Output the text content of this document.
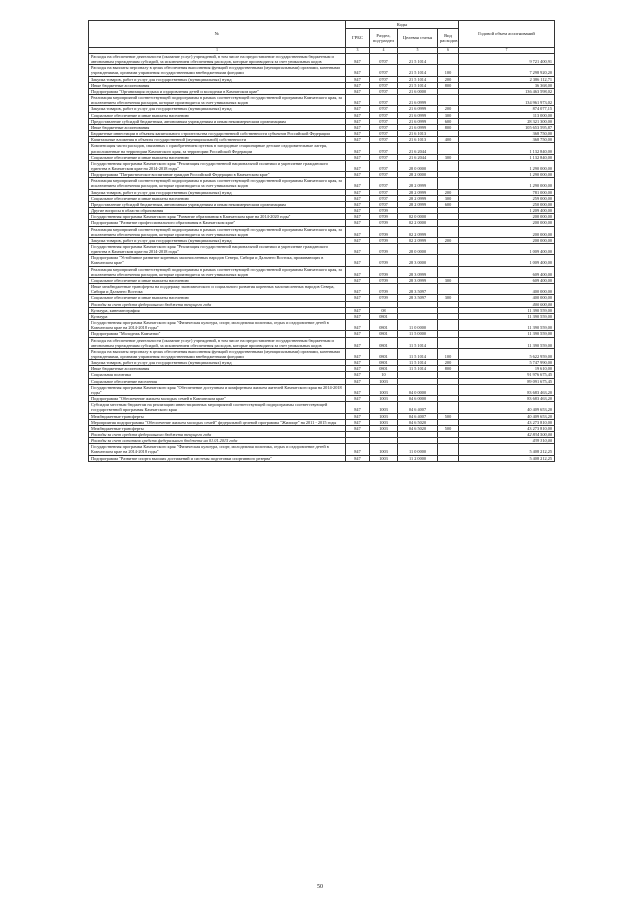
№	Коды				Годовой объем ассигнований
	ГРБС	Раздел, под-раздел	Целевая статья	Вид расходов	
1	3	4	5	6	7
Расходы на обеспечение деятельности (оказание услуг) учреждений, в том числе на предоставление государственным бюджетным и автономным учреждениям субсидий, за исключением обеспечения расходов, которые производятся за счет уникальных кодов	847	0707	21 5 1014		9 721 400,91
Расходы на выплаты персоналу в целях обеспечения выполнения функций государственными (муниципальными) органами, казенными учреждениями, органами управления государственными внебюджетными фондами	847	0707	21 5 1014	100	7 298 920,20
Закупка товаров, работ и услуг для государственных (муниципальных) нужд	847	0707	21 5 1014	200	2 386 112,71
Иные бюджетные ассигнования	847	0707	21 5 1014	800	36 368,00
Подпрограмма "Организация отдыха и оздоровления детей и молодежи в Камчатском крае"	847	0707	21 6 0000		136 463 598,02
Реализация мероприятий соответствующей подпрограммы в рамках соответствующей государственной программы Камчатского края, за исключением обеспечения расходов, которые производятся за счет уникальных кодов	847	0707	21 6 0999		134 961 973,02
Закупка товаров, работ и услуг для государственных (муниципальных) нужд	847	0707	21 6 0999	200	874 077,15
Социальное обеспечение и иные выплаты населению	847	0707	21 6 0999	300	113 000,00
Предоставление субсидий бюджетным, автономным учреждениям и иным некоммерческим организациям	847	0707	21 6 0999	600	28 321 300,00
Иные бюджетные ассигнования	847	0707	21 6 0999	800	105 653 595,87
Бюджетные инвестиции в объекты капитального строительства государственной собственности субъектов Российской Федерации	847	0707	21 6 1013		368 750,00
Капитальные вложения в объекты государственной (муниципальной) собственности	847	0707	21 6 1013	400	368 750,00
Компенсация части расходов, связанных с приобретением путевок в загородные стационарные детские оздоровительные лагеря, расположенные на территории Камчатского края, за территории Российской Федерации	847	0707	21 6 2044		1 132 840,00
Социальное обеспечение и иные выплаты населению	847	0707	21 6 2044	300	1 132 840,00
Государственная программа Камчатского края "Реализация государственной национальной политики и укрепление гражданского единства в Камчатском крае на 2014-2018 годы"	847	0707	28 0 0000		1 290 000,00
Подпрограмма "Патриотическое воспитание граждан Российской Федерации в Камчатском крае"	847	0707	28 2 0000		1 290 000,00
Реализация мероприятий соответствующей подпрограммы в рамках соответствующей государственной программы Камчатского края, за исключением обеспечения расходов, которые производятся за счет уникальных кодов	847	0707	28 2 0999		1 290 000,00
Закупка товаров, работ и услуг для государственных (муниципальных) нужд	847	0707	28 2 0999	200	781 000,00
Социальное обеспечение и иные выплаты населению	847	0707	28 2 0999	300	259 000,00
Предоставление субсидий бюджетным, автономным учреждениям и иным некоммерческим организациям	847	0707	28 2 0999	600	250 000,00
Другие вопросы в области образования	847	0709			1 209 400,00
Государственная программа Камчатского края "Развитие образования в Камчатском крае на 2014-2020 годы"	847	0709	02 0 0000		200 000,00
Подпрограмма "Развитие профессионального образования в Камчатском крае"	847	0709	02 2 0000		200 000,00
Реализация мероприятий соответствующей подпрограммы в рамках соответствующей государственной программы Камчатского края, за исключением обеспечения расходов, которые производятся за счет уникальных кодов	847	0709	02 2 0999		200 000,00
Закупка товаров, работ и услуг для государственных (муниципальных) нужд	847	0709	02 2 0999	200	200 000,00
Государственная программа Камчатского края "Реализация государственной национальной политики и укрепление гражданского единства в Камчатском крае на 2014-2018 годы"	847	0709	28 0 0000		1 009 400,00
Подпрограмма "Устойчивое развитие коренных малочисленных народов Севера, Сибири и Дальнего Востока, проживающих в Камчатском крае"	847	0709	28 3 0000		1 009 400,00
Реализация мероприятий соответствующей подпрограммы в рамках соответствующей государственной программы Камчатского края, за исключением обеспечения расходов, которые производятся за счет уникальных кодов	847	0709	28 3 0999		609 400,00
Социальное обеспечение и иные выплаты населению	847	0709	28 3 0999	300	609 400,00
Иные межбюджетные трансферты на поддержку экономического и социального развития коренных малочисленных народов Севера, Сибири и Дальнего Востока	847	0709	28 3 5097		400 000,00
Социальное обеспечение и иные выплаты населению	847	0709	28 3 5097	300	400 000,00
Расходы за счет средств федерального бюджета текущего года					400 000,00
Культура, кинематография	847	08			11 390 559,00
Культура	847	0801			11 390 559,00
Государственная программа Камчатского края "Физическая культура, спорт, молодежная политика, отдых и оздоровление детей в Камчатском крае на 2014-2018 годы"	847	0801	11 0 0000		11 390 559,00
Подпрограмма "Молодежь Камчатки"	847	0801	11 5 0000		11 390 559,00
Расходы на обеспечение деятельности (оказание услуг) учреждений, в том числе на предоставление государственным бюджетным и автономным учреждениям субсидий, за исключением обеспечения расходов, которые производятся за счет уникальных кодов	847	0801	11 5 1014		11 390 559,00
Расходы на выплаты персоналу в целях обеспечения выполнения функций государственными (муниципальными) органами, казенными учреждениями, органами управления государственными внебюджетными фондами	847	0801	11 5 1014	100	5 622 959,00
Закупка товаров, работ и услуг для государственных (муниципальных) нужд	847	0801	11 5 1014	200	5 747 990,00
Иные бюджетные ассигнования	847	0801	11 5 1014	800	19 610,00
Социальная политика	847	10			91 976 675,45
Социальное обеспечение населения	847	1003			89 091 675,45
Государственная программа Камчатского края "Обеспечение доступным и комфортным жильем жителей Камчатского края на 2014-2018 годы"	847	1003	04 0 0000		83 683 463,20
Подпрограмма "Обеспечение жильем молодых семей в Камчатском крае"	847	1003	04 6 0000		83 683 463,20
Субсидии местным бюджетам на реализацию инвестиционных мероприятий соответствующей подпрограммы соответствующей государственной программы Камчатского края	847	1003	04 6 4007		40 409 653,20
Межбюджетные трансферты	847	1003	04 6 4007	500	40 409 653,20
Мероприятия подпрограммы "Обеспечение жильем молодых семей" федеральной целевой программы "Жилище" на 2011 - 2015 годы	847	1003	04 6 5020		43 273 810,00
Межбюджетные трансферты	847	1003	04 6 5020	500	43 273 810,00
Расходы за счет средств федерального бюджета текущего года					42 834 500,00
Расходы за счет остатков средств федерального бюджета на 01.01.2015 года					439 310,00
Государственная программа Камчатского края "Физическая культура, спорт, молодежная политика, отдых и оздоровление детей в Камчатском крае на 2014-2018 годы"	847	1003	11 0 0000		5 408 212,25
Подпрограмма "Развитие спорта высших достижений и системы подготовки спортивного резерва"	847	1003	11 2 0000		5 408 212,25
50
